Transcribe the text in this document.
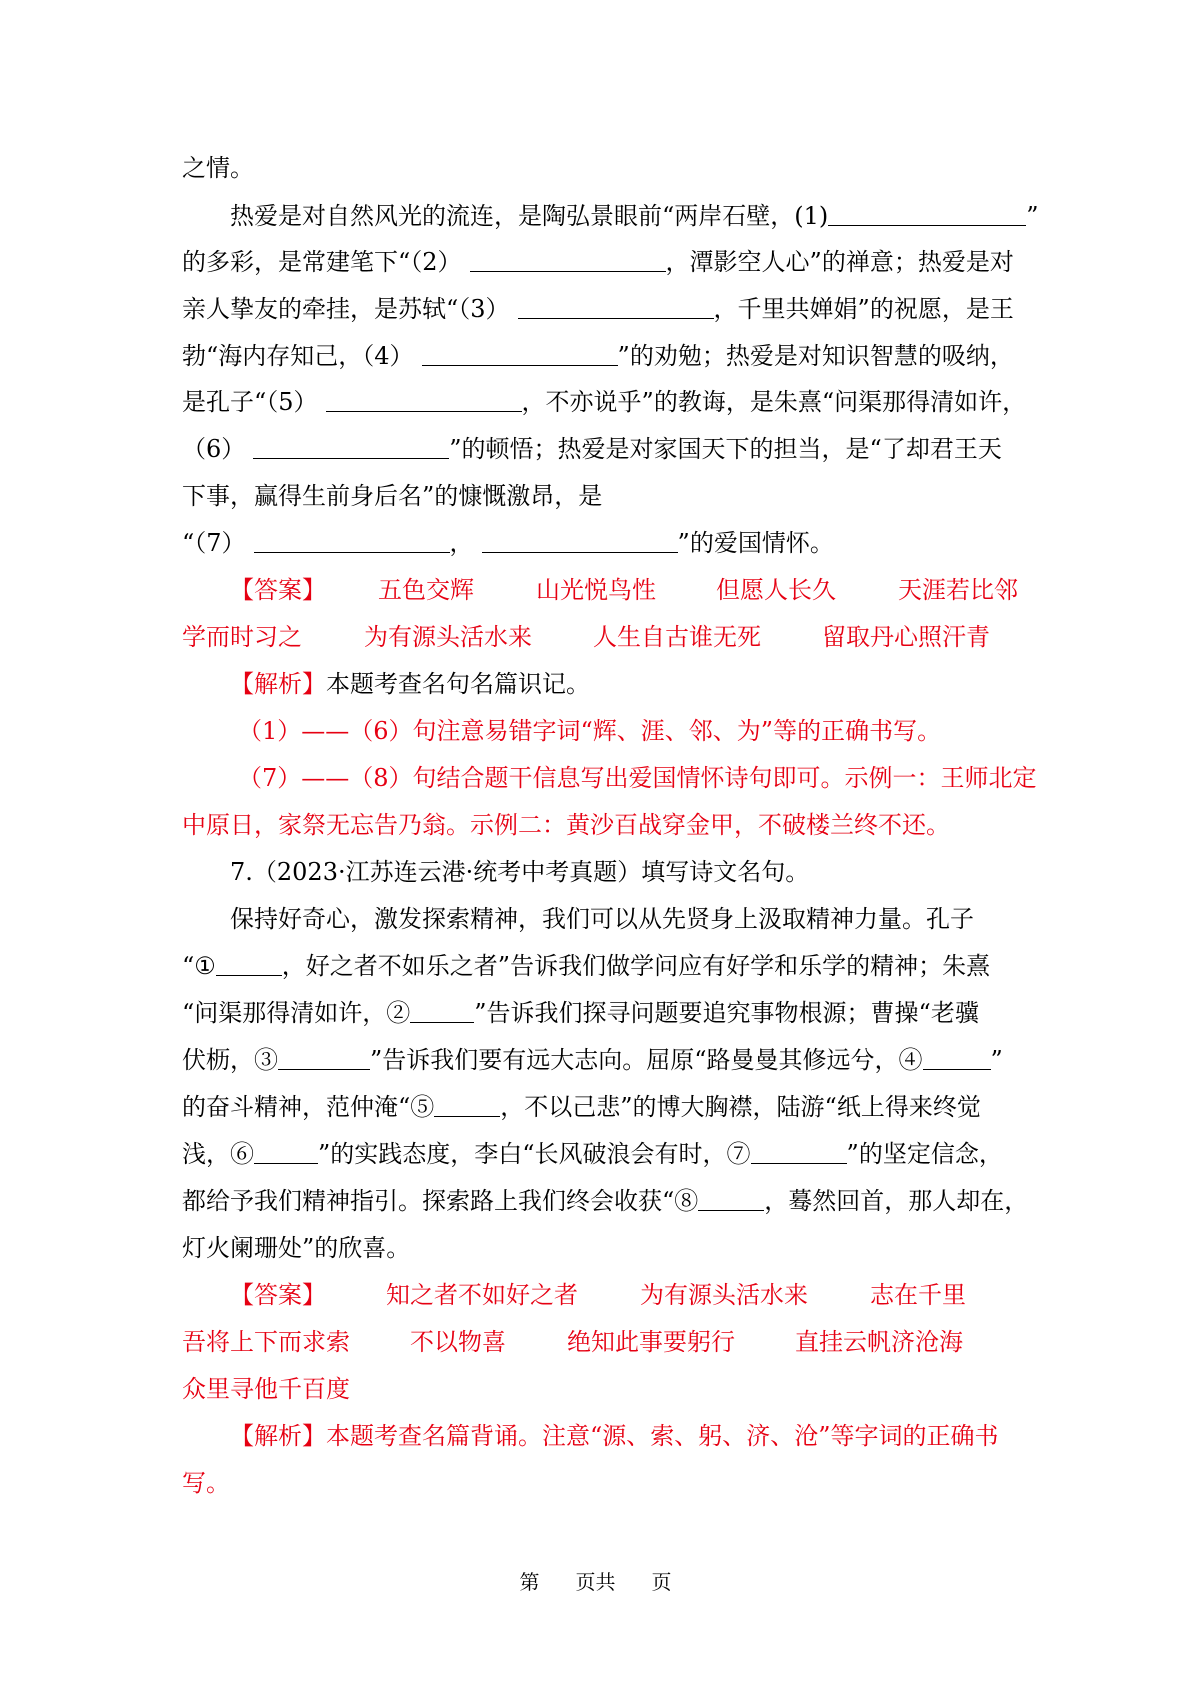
之情。
热爱是对自然风光的流连，是陶弘景眼前“两岸石壁，(1)	”
的多彩，是常建笔下“（2）	，潭影空人心”的禅意；热爱是对
亲人挚友的牵挂，是苏轼“（3）	，千里共婵娟”的祝愿，是王
勃“海内存知己，（4）	”的劝勉；热爱是对知识智慧的吸纳，
是孔子“（5）	，不亦说乎”的教诲，是朱熹“问渠那得清如许，
（6）	”的顿悟；热爱是对家国天下的担当，是“了却君王天
下事，赢得生前身后名”的慷慨激昂，是
“（7）	，	”的爱国情怀。
【答案】	五色交辉	山光悦鸟性	但愿人长久	天涯若比邻
学而时习之	为有源头活水来	人生自古谁无死	留取丹心照汗青
【解析】本题考查名句名篇识记。
（1）——（6）句注意易错字词“辉、涯、邻、为”等的正确书写。
（7）——（8）句结合题干信息写出爱国情怀诗句即可。示例一：王师北定
中原日，家祭无忘告乃翁。示例二：黄沙百战穿金甲，不破楼兰终不还。
7.（2023·江苏连云港·统考中考真题）填写诗文名句。
保持好奇心，激发探索精神，我们可以从先贤身上汲取精神力量。孔子
“①	，好之者不如乐之者”告诉我们做学问应有好学和乐学的精神；朱熹
“问渠那得清如许，②	”告诉我们探寻问题要追究事物根源；曹操“老骥
伏枥，③	”告诉我们要有远大志向。屈原“路曼曼其修远兮，④	”
的奋斗精神，范仲淹“⑤	，不以己悲”的博大胸襟，陆游“纸上得来终觉
浅，⑥	”的实践态度，李白“长风破浪会有时，⑦	”的坚定信念，
都给予我们精神指引。探索路上我们终会收获“⑧	，蓦然回首，那人却在，
灯火阑珊处”的欣喜。
【答案】	知之者不如好之者	为有源头活水来	志在千里
吾将上下而求索	不以物喜	绝知此事要躬行	直挂云帆济沧海
众里寻他千百度
【解析】本题考查名篇背诵。注意“源、索、躬、济、沧”等字词的正确书
写。
第 页共 页
